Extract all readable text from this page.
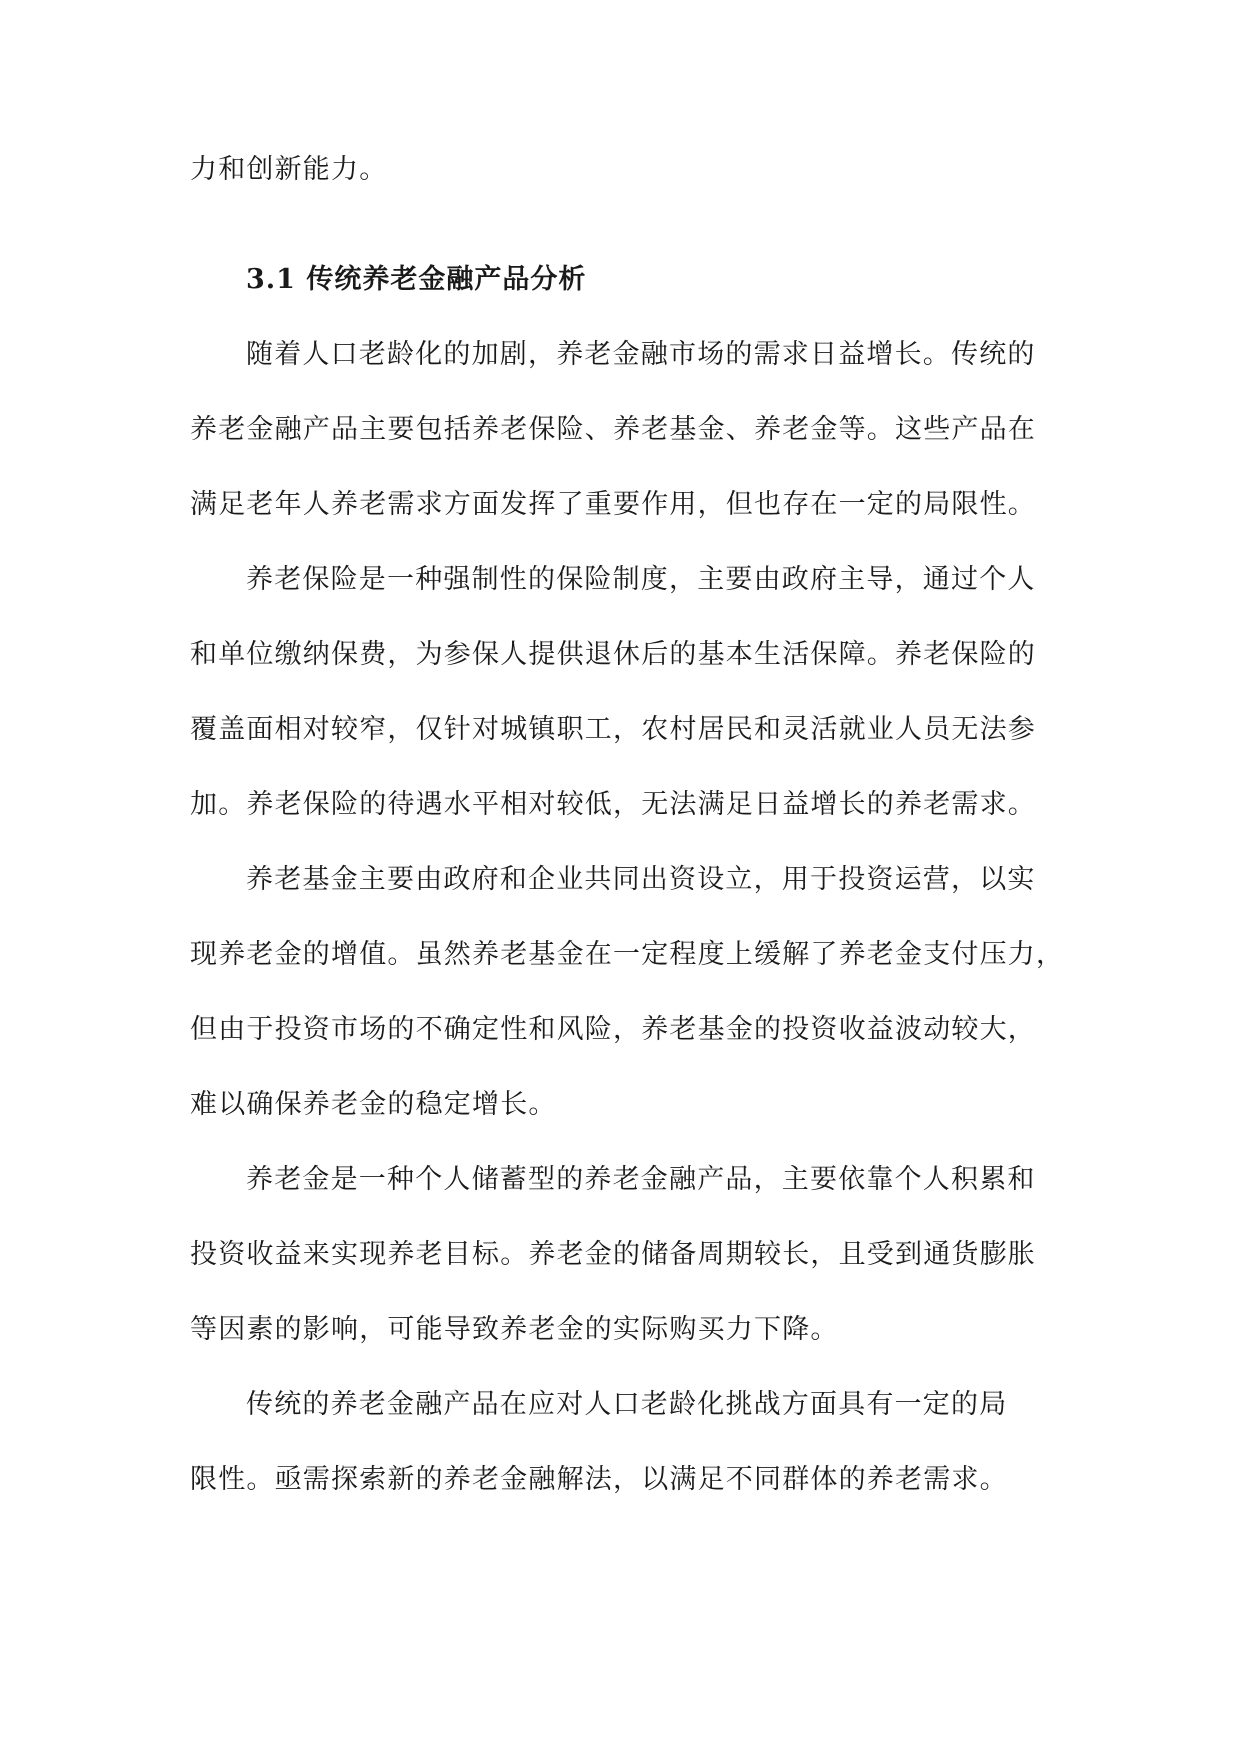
力和创新能力。
3.1 传统养老金融产品分析
随着人口老龄化的加剧，养老金融市场的需求日益增长。传统的
养老金融产品主要包括养老保险、养老基金、养老金等。这些产品在
满足老年人养老需求方面发挥了重要作用，但也存在一定的局限性。
养老保险是一种强制性的保险制度，主要由政府主导，通过个人
和单位缴纳保费，为参保人提供退休后的基本生活保障。养老保险的
覆盖面相对较窄，仅针对城镇职工，农村居民和灵活就业人员无法参
加。养老保险的待遇水平相对较低，无法满足日益增长的养老需求。
养老基金主要由政府和企业共同出资设立，用于投资运营，以实
现养老金的增值。虽然养老基金在一定程度上缓解了养老金支付压力，
但由于投资市场的不确定性和风险，养老基金的投资收益波动较大，
难以确保养老金的稳定增长。
养老金是一种个人储蓄型的养老金融产品，主要依靠个人积累和
投资收益来实现养老目标。养老金的储备周期较长，且受到通货膨胀
等因素的影响，可能导致养老金的实际购买力下降。
传统的养老金融产品在应对人口老龄化挑战方面具有一定的局
限性。亟需探索新的养老金融解法，以满足不同群体的养老需求。
